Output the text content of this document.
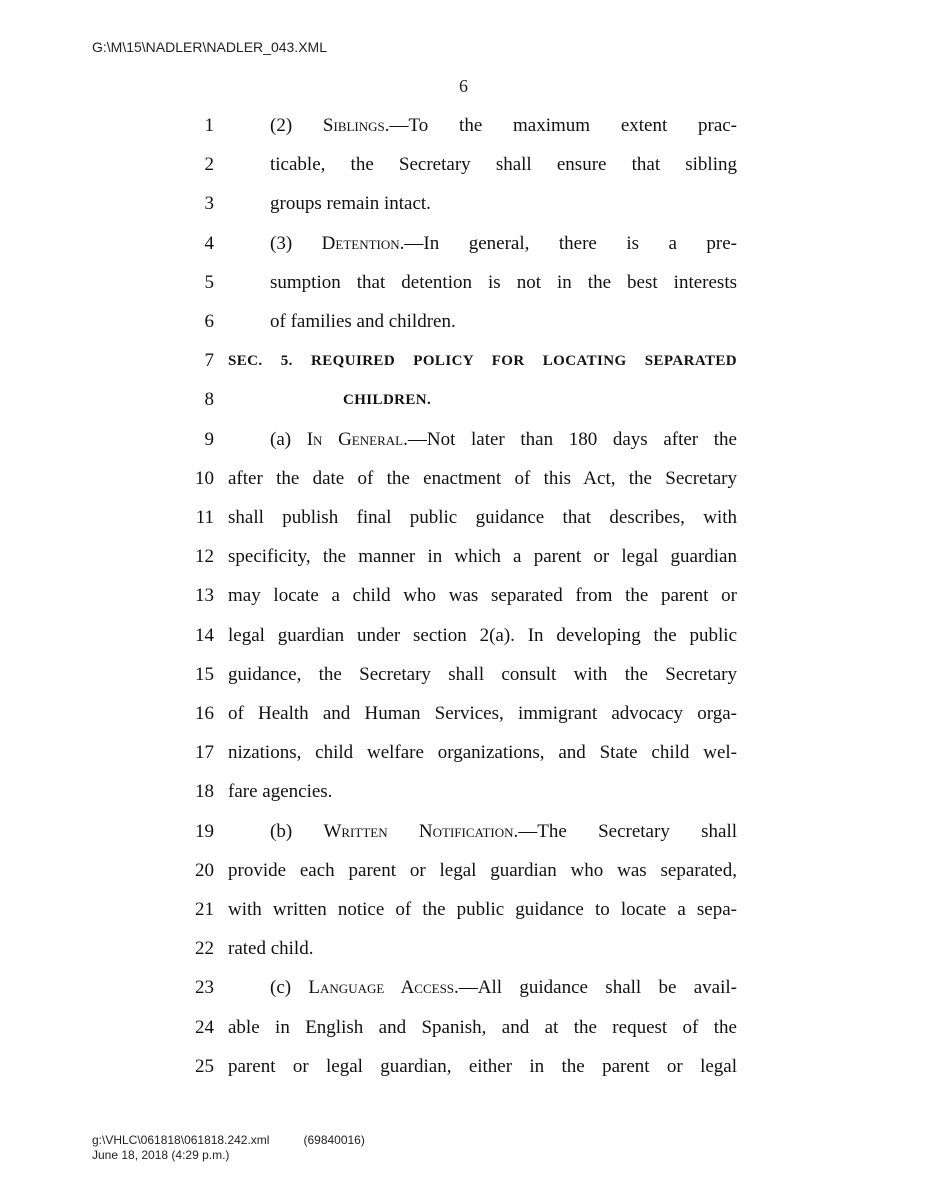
G:\M\15\NADLER\NADLER_043.XML
6
1	(2) Siblings.—To the maximum extent prac-
2	ticable, the Secretary shall ensure that sibling
3	groups remain intact.
4	(3) Detention.—In general, there is a pre-
5	sumption that detention is not in the best interests
6	of families and children.
7 SEC. 5. REQUIRED POLICY FOR LOCATING SEPARATED
8	CHILDREN.
9	(a) In General.—Not later than 180 days after the
10 after the date of the enactment of this Act, the Secretary
11 shall publish final public guidance that describes, with
12 specificity, the manner in which a parent or legal guardian
13 may locate a child who was separated from the parent or
14 legal guardian under section 2(a). In developing the public
15 guidance, the Secretary shall consult with the Secretary
16 of Health and Human Services, immigrant advocacy orga-
17 nizations, child welfare organizations, and State child wel-
18 fare agencies.
19	(b) Written Notification.—The Secretary shall
20 provide each parent or legal guardian who was separated,
21 with written notice of the public guidance to locate a sepa-
22 rated child.
23	(c) Language Access.—All guidance shall be avail-
24 able in English and Spanish, and at the request of the
25 parent or legal guardian, either in the parent or legal
g:\VHLC\061818\061818.242.xml	(69840016)
June 18, 2018 (4:29 p.m.)
